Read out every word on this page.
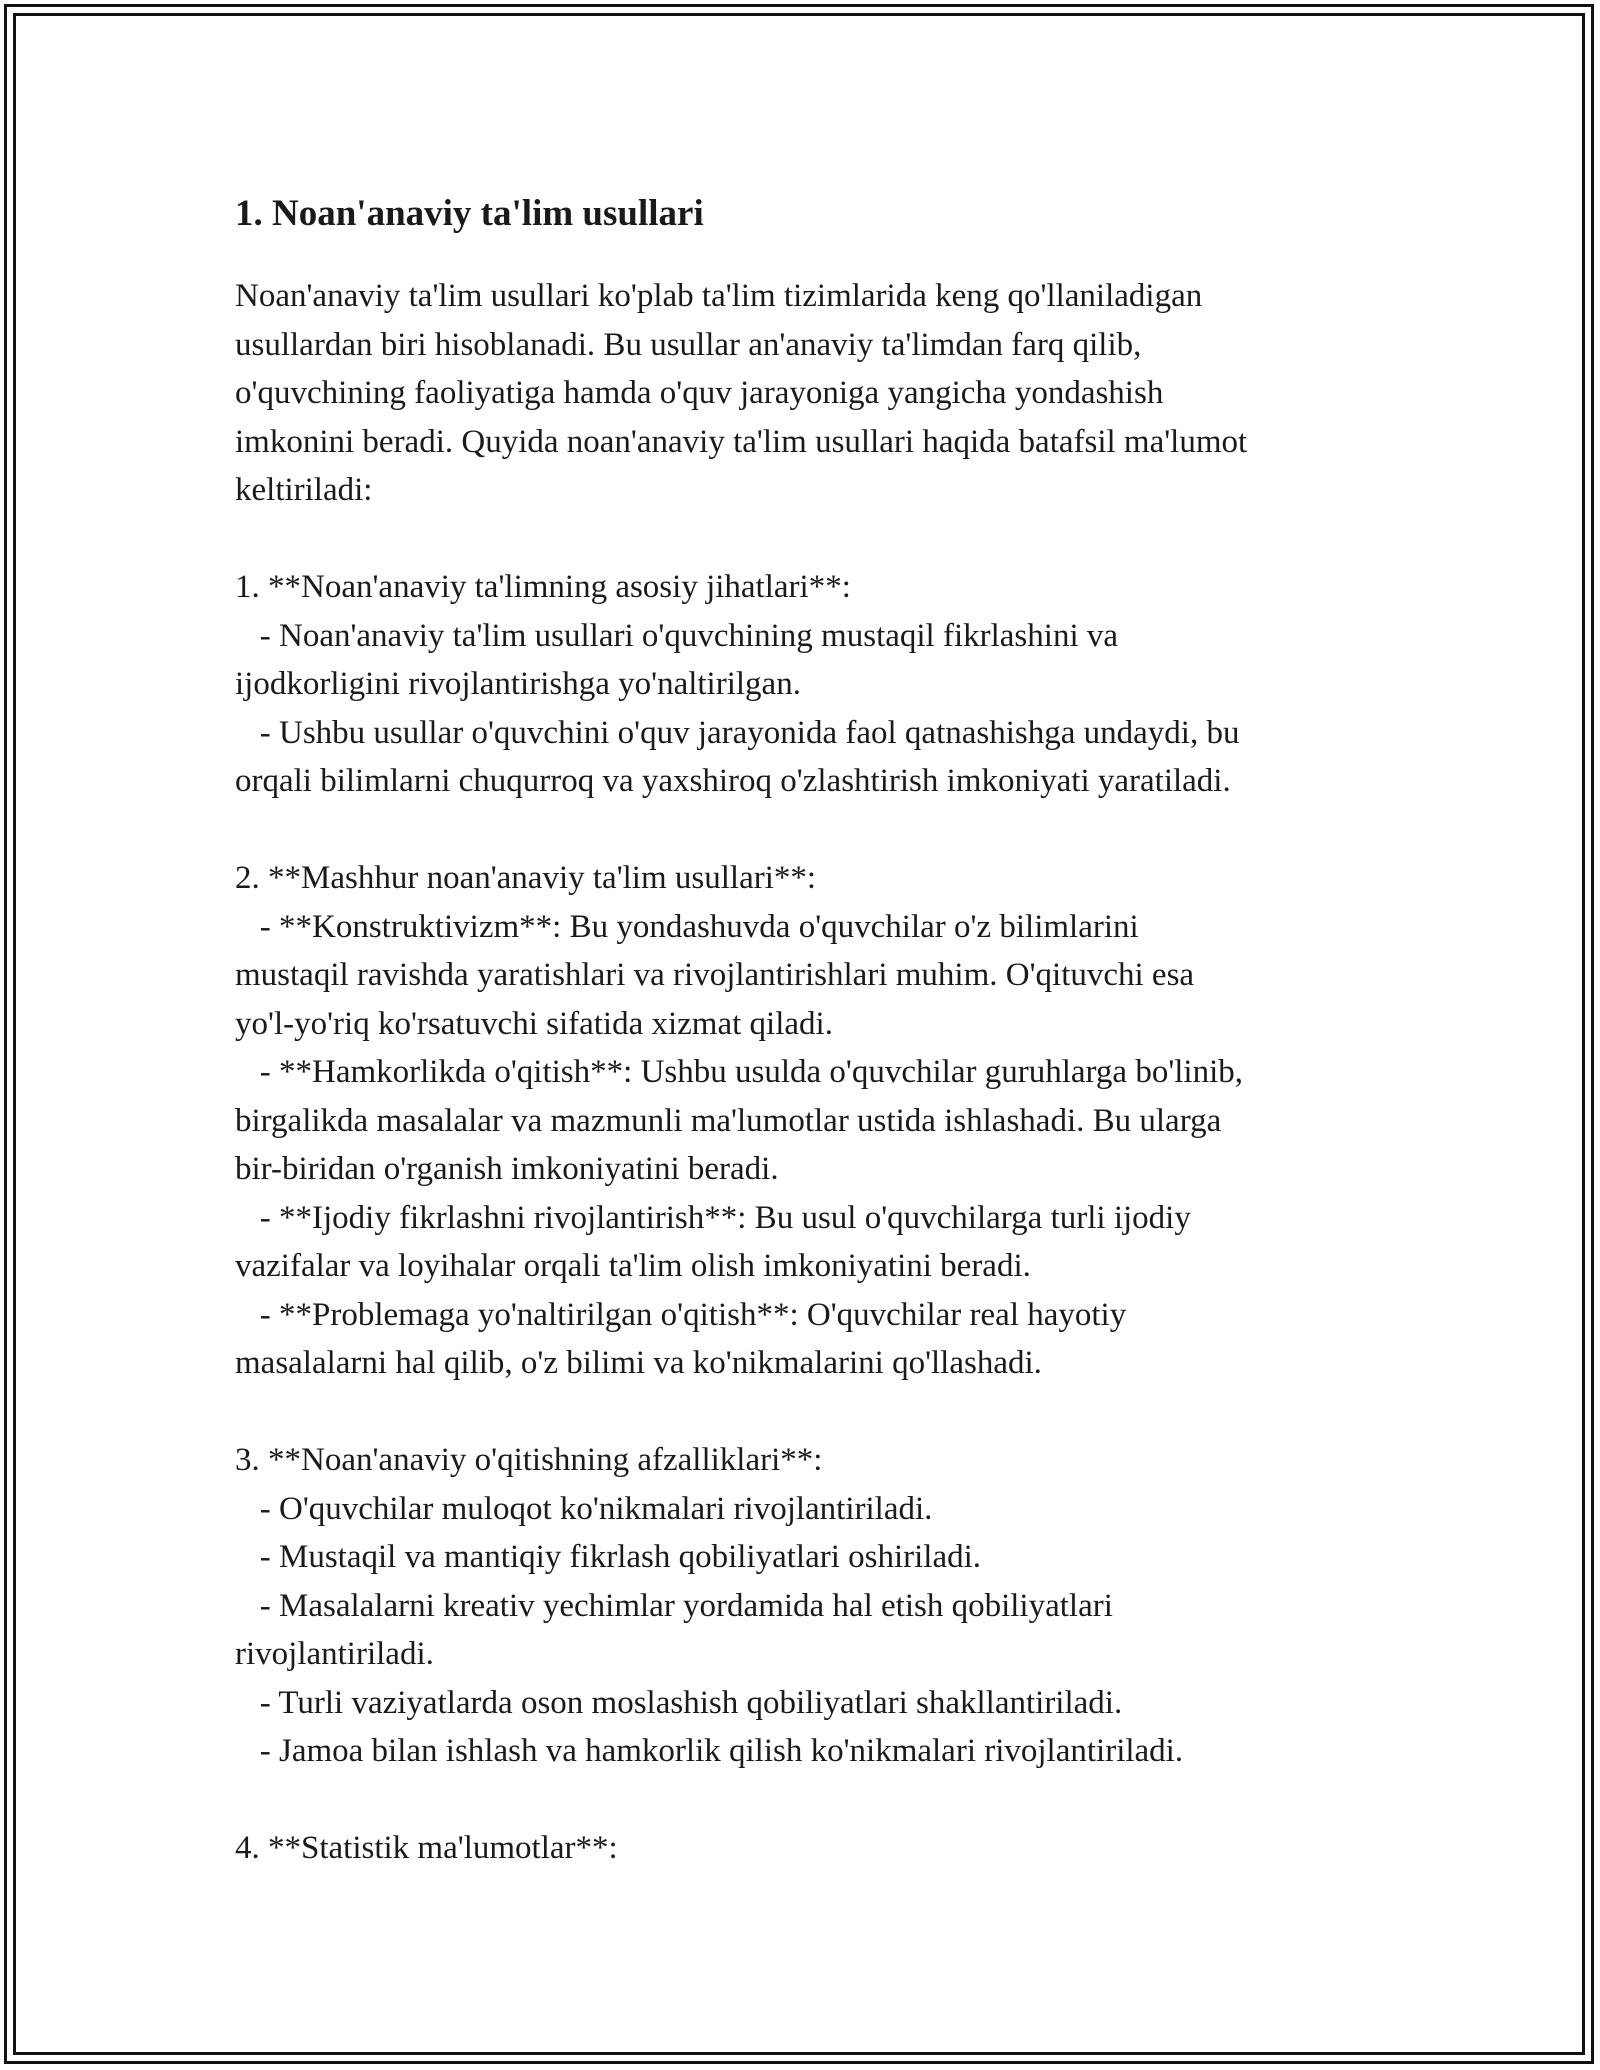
1. Noan'anaviy ta'lim usullari
Noan'anaviy ta'lim usullari ko'plab ta'lim tizimlarida keng qo'llaniladigan
usullardan biri hisoblanadi. Bu usullar an'anaviy ta'limdan farq qilib,
o'quvchining faoliyatiga hamda o'quv jarayoniga yangicha yondashish
imkonini beradi. Quyida noan'anaviy ta'lim usullari haqida batafsil ma'lumot
keltiriladi:
1. **Noan'anaviy ta'limning asosiy jihatlari**:
- Noan'anaviy ta'lim usullari o'quvchining mustaqil fikrlashini va
ijodkorligini rivojlantirishga yo'naltirilgan.
- Ushbu usullar o'quvchini o'quv jarayonida faol qatnashishga undaydi, bu
orqali bilimlarni chuqurroq va yaxshiroq o'zlashtirish imkoniyati yaratiladi.
2. **Mashhur noan'anaviy ta'lim usullari**:
- **Konstruktivizm**: Bu yondashuvda o'quvchilar o'z bilimlarini
mustaqil ravishda yaratishlari va rivojlantirishlari muhim. O'qituvchi esa
yo'l-yo'riq ko'rsatuvchi sifatida xizmat qiladi.
- **Hamkorlikda o'qitish**: Ushbu usulda o'quvchilar guruhlarga bo'linib,
birgalikda masalalar va mazmunli ma'lumotlar ustida ishlashadi. Bu ularga
bir-biridan o'rganish imkoniyatini beradi.
- **Ijodiy fikrlashni rivojlantirish**: Bu usul o'quvchilarga turli ijodiy
vazifalar va loyihalar orqali ta'lim olish imkoniyatini beradi.
- **Problemaga yo'naltirilgan o'qitish**: O'quvchilar real hayotiy
masalalarni hal qilib, o'z bilimi va ko'nikmalarini qo'llashadi.
3. **Noan'anaviy o'qitishning afzalliklari**:
- O'quvchilar muloqot ko'nikmalari rivojlantiriladi.
- Mustaqil va mantiqiy fikrlash qobiliyatlari oshiriladi.
- Masalalarni kreativ yechimlar yordamida hal etish qobiliyatlari
rivojlantiriladi.
- Turli vaziyatlarda oson moslashish qobiliyatlari shakllantiriladi.
- Jamoa bilan ishlash va hamkorlik qilish ko'nikmalari rivojlantiriladi.
4. **Statistik ma'lumotlar**:
